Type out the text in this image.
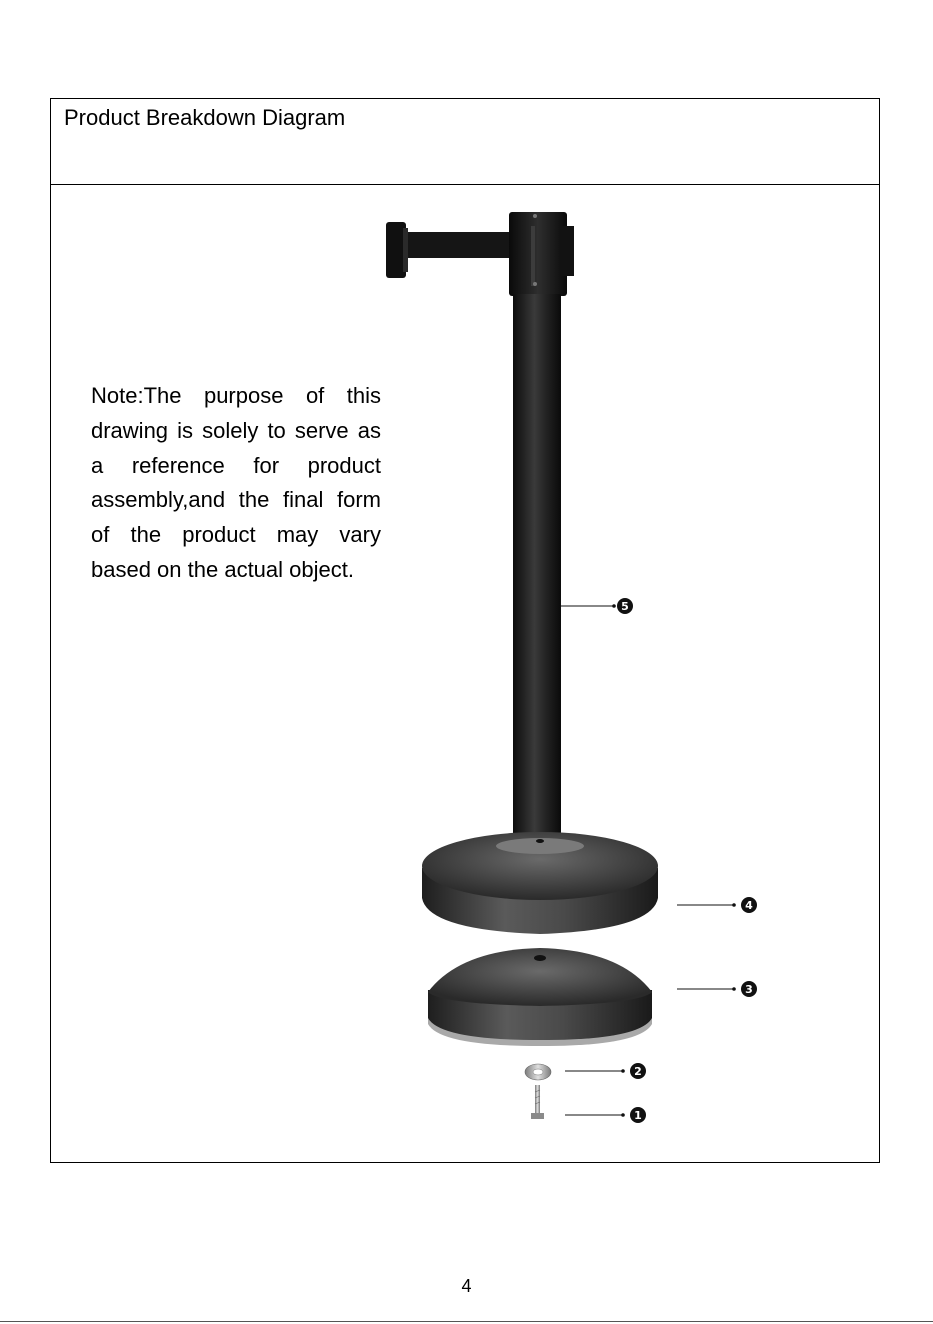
Product Breakdown Diagram
Note:The purpose of this drawing is solely to serve as a reference for product assembly,and the final form of the product may vary based on the actual object.
5
4
3
2
1
4
